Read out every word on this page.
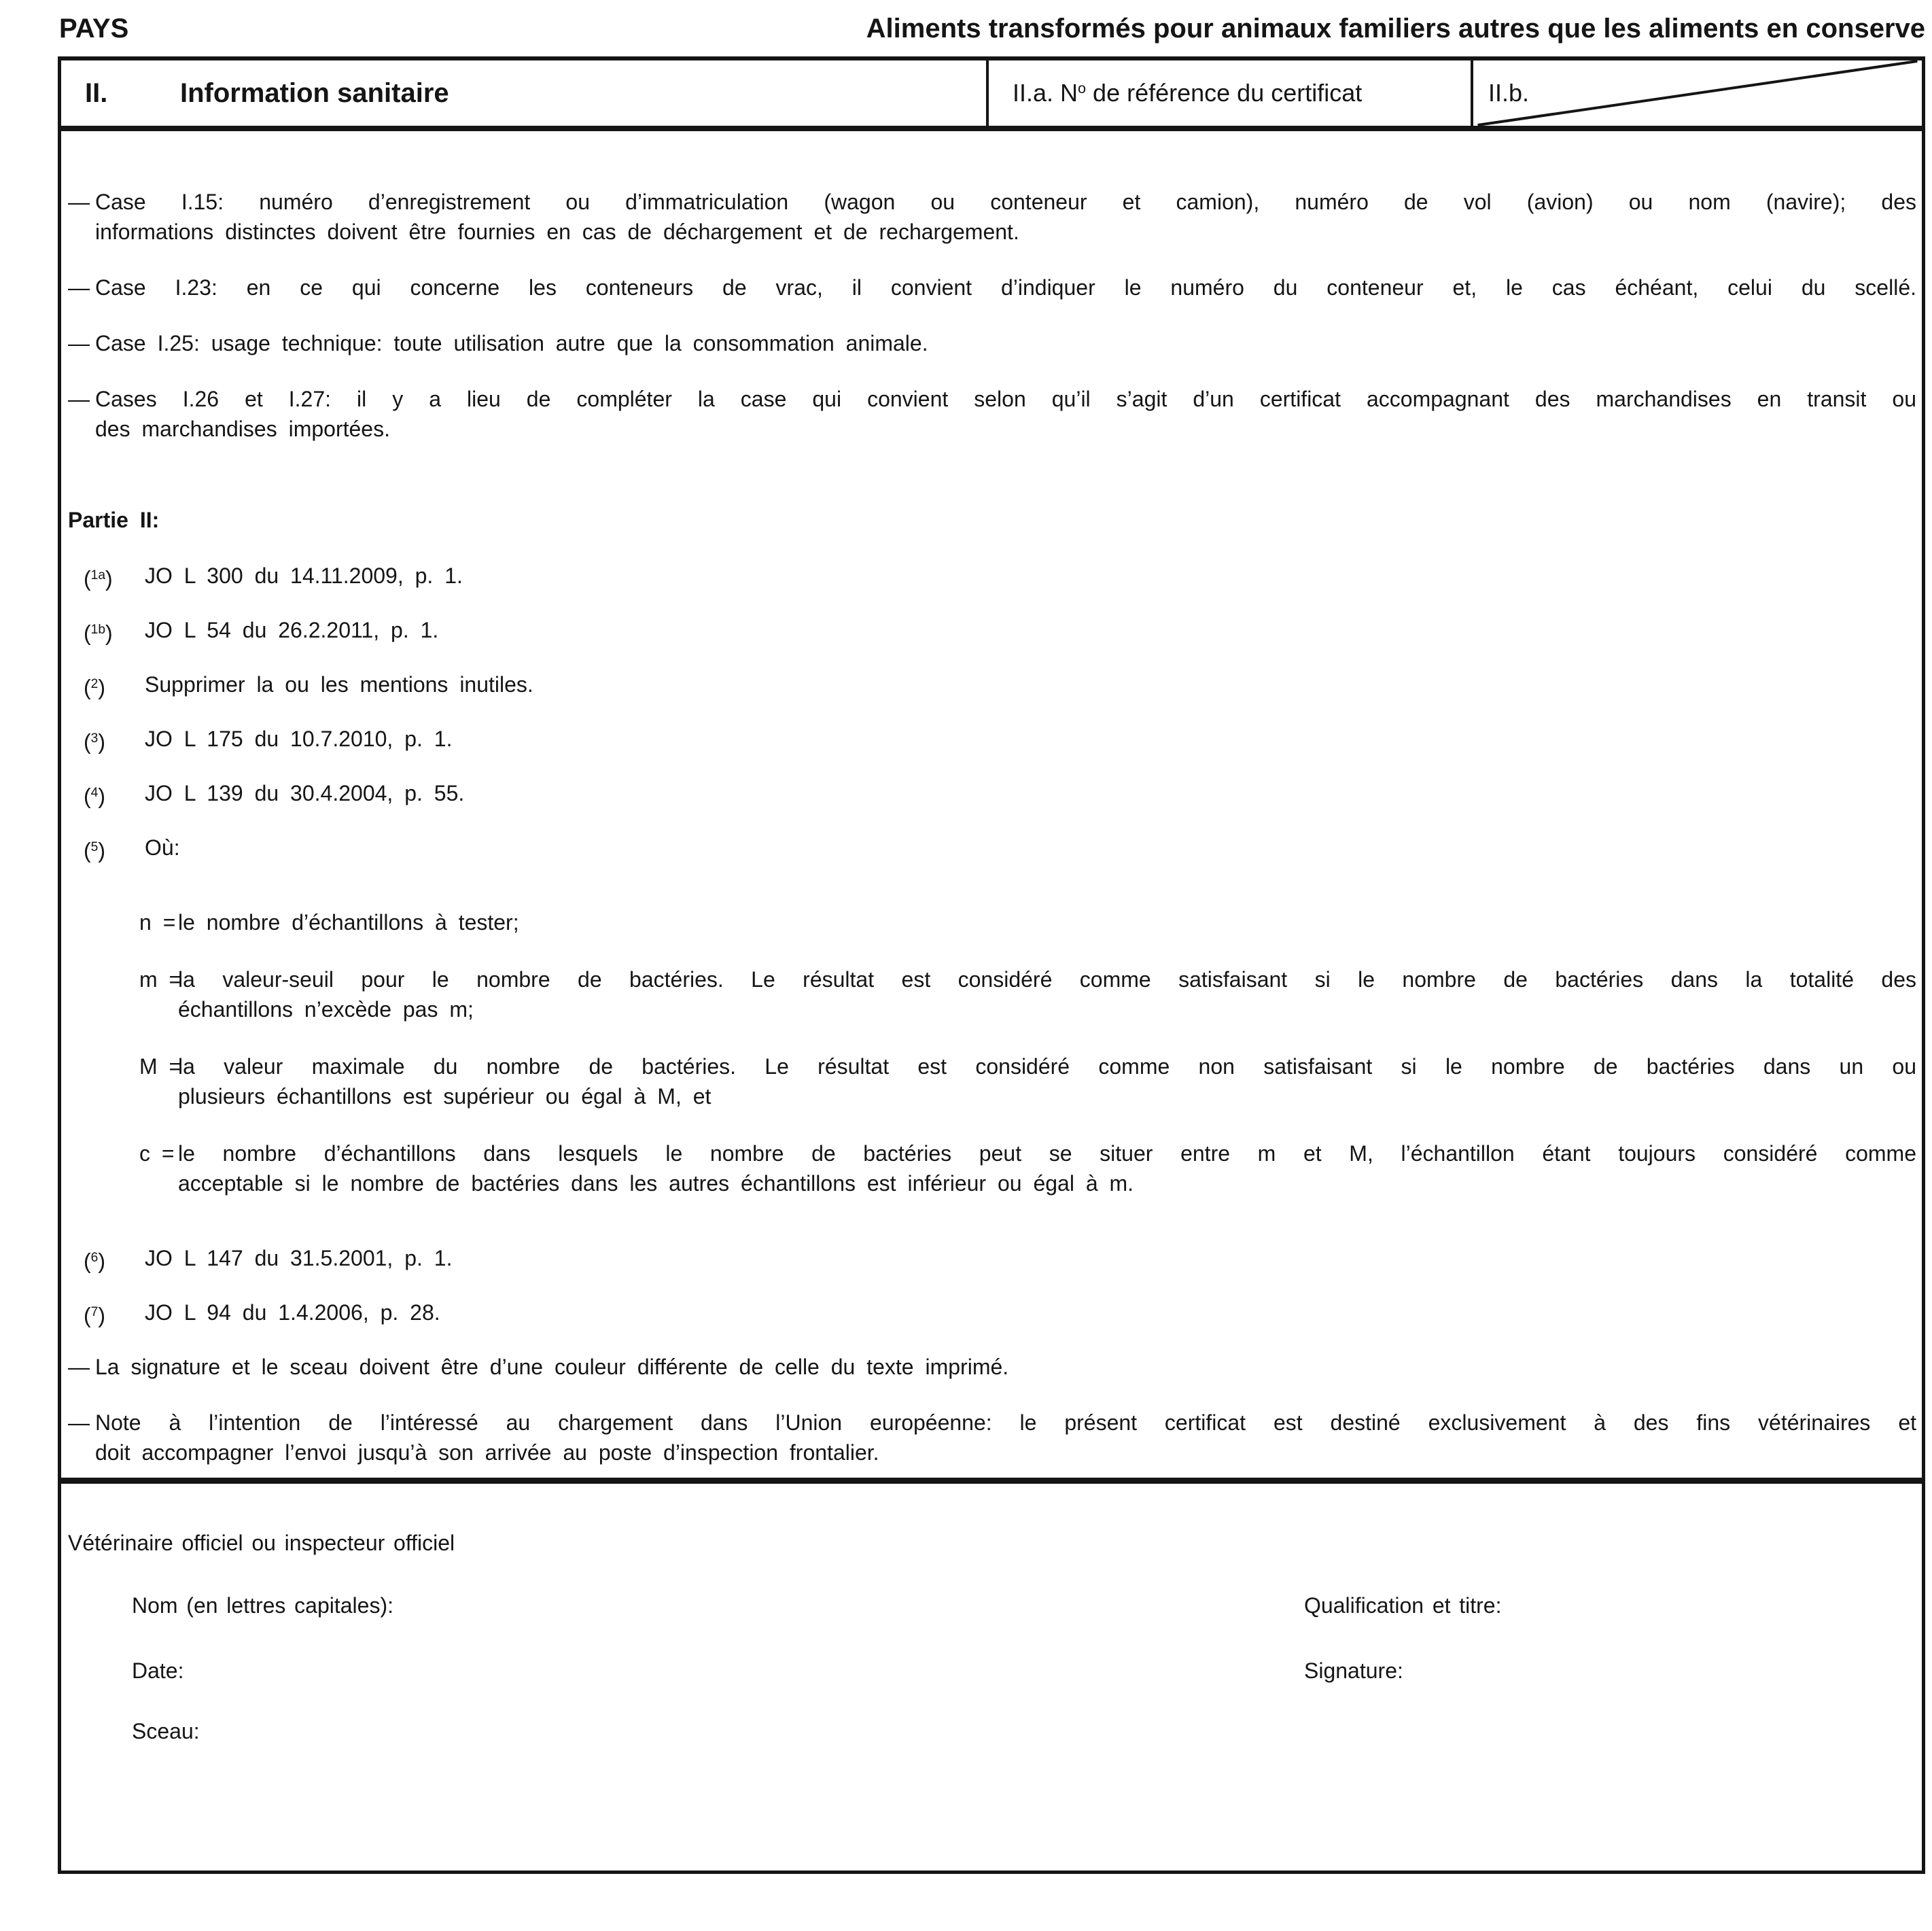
PAYS	Aliments transformés pour animaux familiers autres que les aliments en conserve
II.	Information sanitaire	II.a. $N^o$ de référence du certificat	II.b.
— Case I.15: numéro d’enregistrement ou d’immatriculation (wagon ou conteneur et camion), numéro de vol (avion) ou nom (navire); des
informations distinctes doivent être fournies en cas de déchargement et de rechargement.
— Case I.23: en ce qui concerne les conteneurs de vrac, il convient d’indiquer le numéro du conteneur et, le cas échéant, celui du scellé.
— Case I.25: usage technique: toute utilisation autre que la consommation animale.
— Cases I.26 et I.27: il y a lieu de compléter la case qui convient selon qu’il s’agit d’un certificat accompagnant des marchandises en transit ou
des marchandises importées.
Partie II:
($^{1a}$) JO L 300 du 14.11.2009, p. 1.
($^{1b}$) JO L 54 du 26.2.2011, p. 1.
($^2$) Supprimer la ou les mentions inutiles.
($^3$) JO L 175 du 10.7.2010, p. 1.
($^4$) JO L 139 du 30.4.2004, p. 55.
($^5$) Où:
n = le nombre d’échantillons à tester;
m =
la valeur-seuil pour le nombre de bactéries. Le résultat est considéré comme satisfaisant si le nombre de bactéries dans la totalité des
échantillons n’excède pas m;
M =
la valeur maximale du nombre de bactéries. Le résultat est considéré comme non satisfaisant si le nombre de bactéries dans un ou
plusieurs échantillons est supérieur ou égal à M, et
c = le nombre d’échantillons dans lesquels le nombre de bactéries peut se situer entre m et M, l’échantillon étant toujours considéré comme
acceptable si le nombre de bactéries dans les autres échantillons est inférieur ou égal à m.
($^6$) JO L 147 du 31.5.2001, p. 1.
($^7$) JO L 94 du 1.4.2006, p. 28.
— La signature et le sceau doivent être d’une couleur différente de celle du texte imprimé.
— Note à l’intention de l’intéressé au chargement dans l’Union européenne: le présent certificat est destiné exclusivement à des fins vétérinaires et
doit accompagner l’envoi jusqu’à son arrivée au poste d’inspection frontalier.
Vétérinaire officiel ou inspecteur officiel
Nom (en lettres capitales):	Qualification et titre:
Date:	Signature:
Sceau:
